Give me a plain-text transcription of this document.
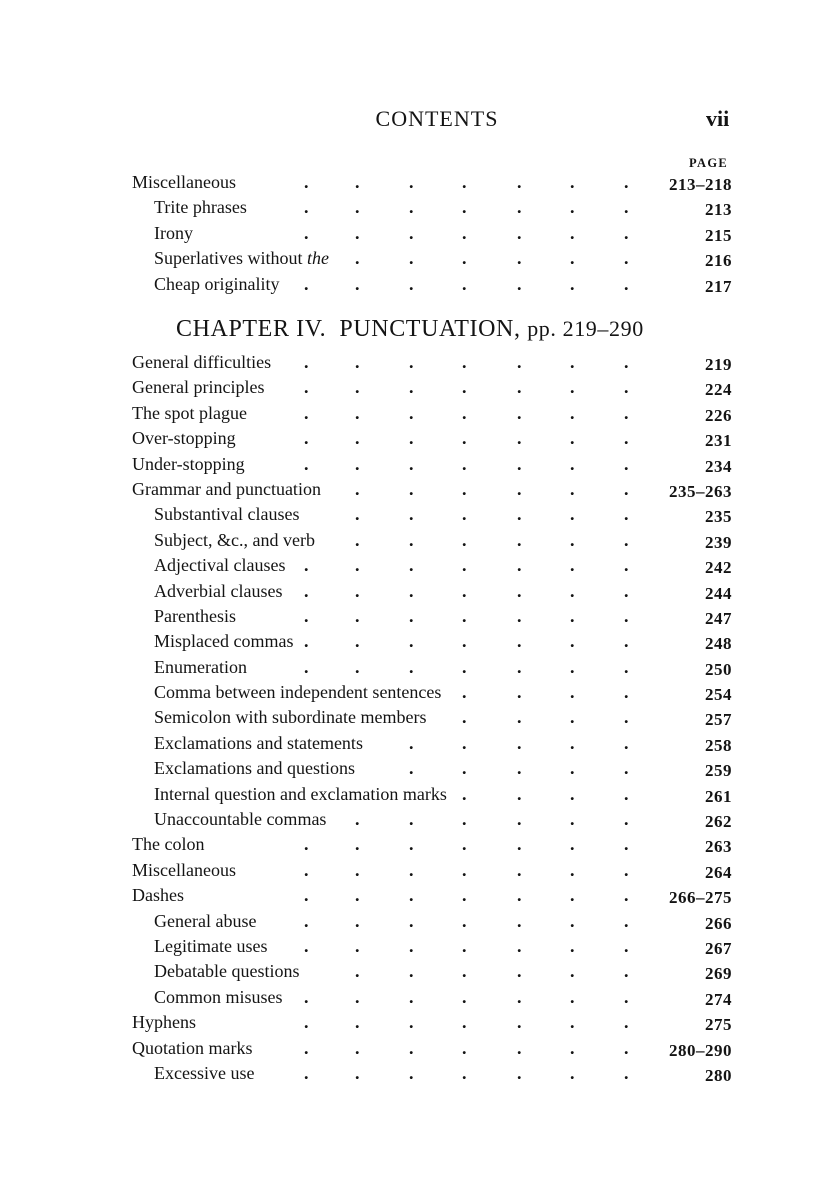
CONTENTS	vii
PAGE
Miscellaneous	.	.	.	.	.	.	. 213–218
Trite phrases	.	.	.	.	.	.	.	213
Irony	.	.	.	.	.	.	.	215
Superlatives without the .	.	.	.	.	.	216
Cheap originality .	.	.	.	.	.	.	217
CHAPTER IV. PUNCTUATION, pp. 219–290
General difficulties .	.	.	.	.	.	.	219
General principles .	.	.	.	.	.	.	224
The spot plague	.	.	.	.	.	.	.	226
Over-stopping	.	.	.	.	.	.	.	231
Under-stopping	.	.	.	.	.	.	.	234
Grammar and punctuation .	.	.	.	.	. 235–263
Substantival clauses	.	.	.	.	.	.	235
Subject, &c., and verb .	.	.	.	.	.	239
Adjectival clauses .	.	.	.	.	.	.	242
Adverbial clauses .	.	.	.	.	.	.	244
Parenthesis	.	.	.	.	.	.	.	247
Misplaced commas .	.	.	.	.	.	.	248
Enumeration	.	.	.	.	.	.	.	250
Comma between independent sentences .	.	.	.	254
Semicolon with subordinate members .	.	.	.	257
Exclamations and statements	.	.	.	.	.	258
Exclamations and questions	.	.	.	.	.	259
Internal question and exclamation marks .	.	.	.	261
Unaccountable commas .	.	.	.	.	.	262
The colon	.	.	.	.	.	.	.	263
Miscellaneous	.	.	.	.	.	.	.	264
Dashes	.	.	.	.	.	.	. 266–275
General abuse	.	.	.	.	.	.	.	266
Legitimate uses .	.	.	.	.	.	.	267
Debatable questions	.	.	.	.	.	.	269
Common misuses .	.	.	.	.	.	.	274
Hyphens	.	.	.	.	.	.	.	275
Quotation marks	.	.	.	.	.	.	. 280–290
Excessive use	.	.	.	.	.	.	.	280
